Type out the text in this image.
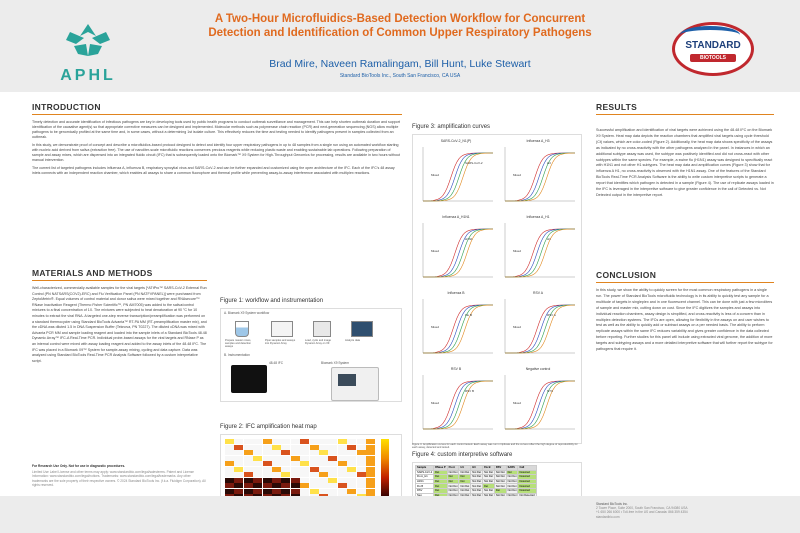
APHL
A Two-Hour Microfluidics-Based Detection Workflow for Concurrent
Detection and Identification of Common Upper Respiratory Pathogens
Brad Mire, Naveen Ramalingam, Bill Hunt, Luke Stewart
Standard BioTools Inc., South San Francisco, CA USA
STANDARD
BIOTOOLS
INTRODUCTION

Timely detection and accurate identification of infectious pathogens are key in developing tools used by public health programs to conduct outbreak surveillance and management. This can help shorten outbreak duration and support identification of the causative agent(s) so that appropriate corrective measures can be designed and implemented. Molecular methods such as polymerase chain reaction (PCR) and next-generation sequencing (NGS) allow multiple pathogens to be genomically profiled at the same time and, in some cases, without a determining 1st isolate culture. This effectively reduces the time and testing needed to identify pathogens present in samples collected from an outbreak.

In this study, we demonstrate proof of concept and describe a microfluidics-based protocol designed to detect and identify four upper respiratory pathogens in up to 48 samples from a single run using an automated workflow starting with nucleic acid derived from saliva (extraction free). The use of nanoliter-scale microfluidic reactions conserves precious reagents while reducing plastic waste and enabling sustainable lab operations. Following preparation of sample and assay mixes, which are dispensed into an integrated fluidic circuit (IFC) that is subsequently loaded onto the Biomark™ X9 System for High-Throughput Genomics for processing, results are available in two hours without manual intervention.

The current list of targeted pathogens includes influenza A, influenza B, respiratory syncytial virus and SARS-CoV-2 and can be further expanded and customized using the open architecture of the IFC. Each of the IFC's 48 assay inlets connects with an independent reaction chamber, which enables all assays to share a common fluorophore and thermal profile while preventing assay-to-assay interference associated with multiplex reactions.

MATERIALS AND METHODS
Well-characterized, commercially available samples for the viral targets [*ATtPro™ SARS-CoV-2 External Run Control (PN NATSARS(COV2)-ERC) and Flu Verification Panel (PN NATFVPANEL)] were purchased from ZeptoMetrix®. Equal volumes of control material and donor saliva were mixed together and RNAsecure™ RNase Inactivation Reagent (Thermo Fisher Scientific™, PN AM7005) was added to the saliva/control mixtures to a final concentration of 1X. The mixtures were subjected to heat denaturation at 90 °C for 10 minutes to extract the viral RNA. A targeted one-step reverse transcription/preamplification was performed on a standard thermocycler using Standard BioTools Advanta™ RT-PA MM (RT-preamplification master mix), and the cDNA was diluted 1.5 in DNA Suspension Buffer (Teknova, PN T0227). The diluted cDNA was mixed with Advanta PCR MM and sample loading reagent and loaded into the sample inlets of a Standard BioTools 48.48 Dynamic Array™ IFC-A Real-Time PCR. Individual probe-based assays for the viral targets and RNase P as an internal control were mixed with assay loading reagent and added to the assay inlets of the 48.48 IFC. The IFC was placed in a Biomark X9™ System for sample-assay mixing, cycling and data capture. Data was analyzed using Standard BioTools Real-Time PCR Analysis Software followed by a custom interpretative script.
Figure 1: workflow and instrumentation
A. Biomark X9 System workflow
Prepare master mixes, samples and detection assays
Pipet samples and assays into Dynamic Array
Load, cycle and image Dynamic Array on X9
Analyze data
B. Instrumentation
48.48 IFC	Biomark X9 System
Figure 2: IFC amplification heat map
Figure 3: amplification curves
SARS-CoV-2_N1(P)
Mixed
SARS-CoV-2
Influenza A_H3
Mixed
H3
Influenza A_H1N1
Mixed
H1N1
Influenza A_H1
Mixed
H1
Influenza B
Mixed
Flu B
RSV A
Mixed
RSV A
RSV B
Mixed
RSV B
Negative control
Mixed
NTC
Figure 3. Amplification curves for each control tested. Each assay was run in triplicate and the curves reflect the high degree of reproducibility for each assay, detected and tested.
Figure 4: custom interpretive software
Sample	RNase P	Flu A	H1	H3	Flu B	RSV	SARS	Call
SARS-CoV-2	Det	Not Det	Not Det	Not Det	Not Det	Not Det	Det	Detected
Flu A_H1	Det	Det	Det	Not Det	Not Det	Not Det	Not Det	Detected
H1N1	Det	Det	Det	Not Det	Not Det	Not Det	Not Det	Detected
Flu B	Det	Not Det	Not Det	Not Det	Det	Not Det	Not Det	Detected
RSV	Det	Not Det	Not Det	Not Det	Not Det	Det	Not Det	Detected

RESULTS
Successful amplification and identification of viral targets were achieved using the 48.48 IFC on the Biomark X9 System. Heat map data depicts the reaction chambers that amplified viral targets using cycle threshold (Ct) values, which are color-coded (Figure 2). Additionally, the heat map data shows specificity of the assays as indicated by no cross-reactivity with the other pathogens analyzed in the panel. In instances in which an additional subtype assay was used, the subtype was positively identified and did not cross-react with other subtypes within the same species. For example, a swine flu (H1N1) assay was designed to specifically react with H1N1 and not other H1 subtypes. The heat map data and amplification curves (Figure 3) show that for influenza A H1, no cross-reactivity is observed with the H1N1 assay. One of the features of the Standard BioTools Real-Time PCR Analysis Software is the ability to write custom interpretive scripts to generate a report that identifies which pathogen is detected in a sample (Figure 4). The use of replicate assays loaded in the IFC is leveraged in the interpretive software to give greater confidence in the call of Detected vs. Not Detected output in the interpretive report.
CONCLUSION
In this study, we show the ability to quickly screen for the most common respiratory pathogens in a single run. The power of Standard BioTools microfluidic technology is in its ability to quickly test any sample for a multitude of targets in singleplex and in one fluorescent channel. This can be done with just a few microliters of sample and master mix, cutting down on cost. Since the IFC digitizes the samples and assays into individual reaction chambers, assay design is simplified, and cross-reactivity is less of a concern than in multiplex detection systems. The IFCs are open, allowing for flexibility in the assays on and user wishes to test as well as the ability to quickly add or subtract assays on a per needed basis. The ability to perform replicate assays within the same IFC reduces variability and gives greater confidence in the data collected before reporting. Further studies for this panel will include using extracted viral genome, the addition of more targets and subtyping assays and a more detailed interpretive software that will further report the subtype for pathogens that require it.
For Research Use Only. Not for use in diagnostic procedures.
Limited Use Label License and other terms may apply: www.standardbio.com/legal/salesterms. Patent and License Information: www.standardbio.com/legal/notices. Trademarks: www.standardbio.com/legal/trademarks. Any other trademarks are the sole property of their respective owners. © 2024 Standard BioTools Inc. (f.k.a. Fluidigm Corporation). All rights reserved.
Standard BioTools Inc.
2 Tower Place, Suite 2000, South San Francisco, CA 94080 USA
+1 650 266 6000 • Toll-free in the US and Canada: 866 359 4354
standardbio.com
